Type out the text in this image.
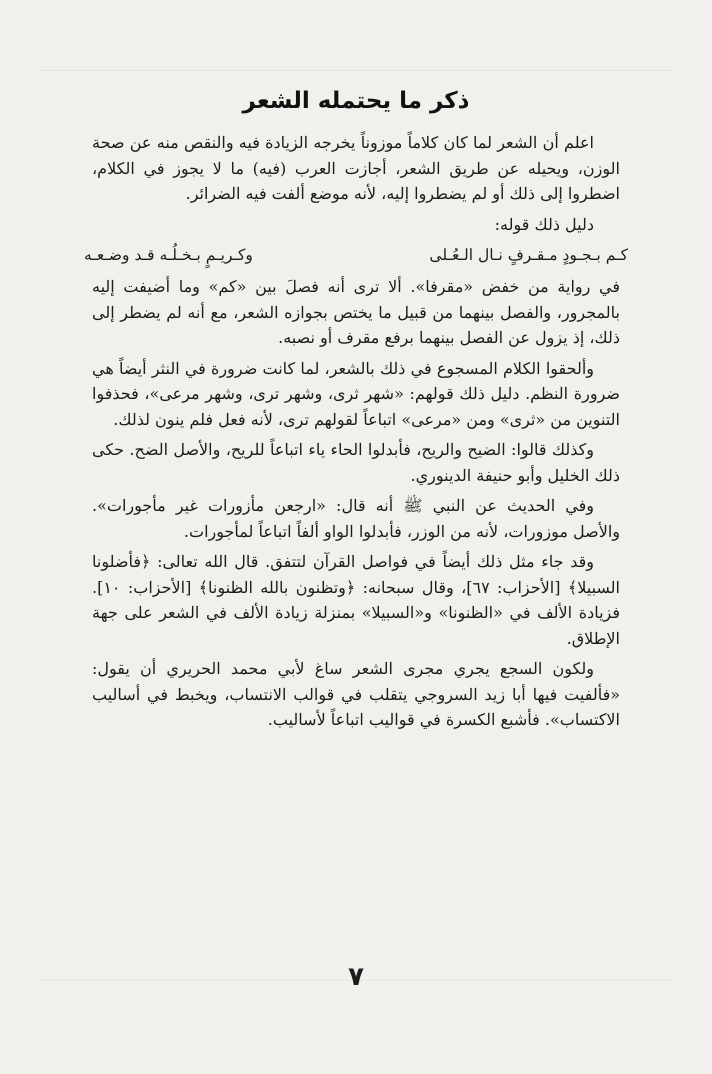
ذكر ما يحتمله الشعر

اعلم أن الشعر لما كان كلاماً موزوناً يخرجه الزيادة فيه والنقص منه عن صحة الوزن، ويحيله عن طريق الشعر، أجازت العرب (فيه) ما لا يجوز في الكلام، اضطروا إلى ذلك أو لم يضطروا إليه، لأنه موضع ألفت فيه الضرائر.

دليل ذلك قوله:

كـم بـجـودٍ مـقـرفٍ نـال الـعُـلى
وكـريـمٍ بـخـلُـه قـد وضـعـه

في رواية من خفض «مقرفا». ألا ترى أنه فصلَ بين «كم» وما أضيفت إليه بالمجرور، والفصل بينهما من قبيل ما يختص بجوازه الشعر، مع أنه لم يضطر إلى ذلك، إذ يزول عن الفصل بينهما برفع مقرف أو نصبه.

وألحقوا الكلام المسجوع في ذلك بالشعر، لما كانت ضرورة في النثر أيضاً هي ضرورة النظم. دليل ذلك قولهم: «شهر ثرى، وشهر ترى، وشهر مرعى»، فحذفوا التنوين من «ثرى» ومن «مرعى» اتباعاً لقولهم ترى، لأنه فعل فلم ينون لذلك.

وكذلك قالوا: الضيح والريح، فأبدلوا الحاء ياء اتباعاً للريح، والأصل الضح. حكى ذلك الخليل وأبو حنيفة الدينوري.

وفي الحديث عن النبي ﷺ أنه قال: «ارجعن مأزورات غير مأجورات». والأصل موزورات، لأنه من الوزر، فأبدلوا الواو ألفاً اتباعاً لمأجورات.

وقد جاء مثل ذلك أيضاً في فواصل القرآن لتتفق. قال الله تعالى: ﴿فأضلونا السبيلا﴾ [الأحزاب: ٦٧]، وقال سبحانه: ﴿وتظنون بالله الظنونا﴾ [الأحزاب: ١٠]. فزيادة الألف في «الظنونا» و«السبيلا» بمنزلة زيادة الألف في الشعر على جهة الإطلاق.

ولكون السجع يجري مجرى الشعر ساغ لأبي محمد الحريري أن يقول: «فألفيت فيها أبا زيد السروجي يتقلب في قوالب الانتساب، ويخبط في أساليب الاكتساب». فأشبع الكسرة في قواليب اتباعاً لأساليب.

٧
